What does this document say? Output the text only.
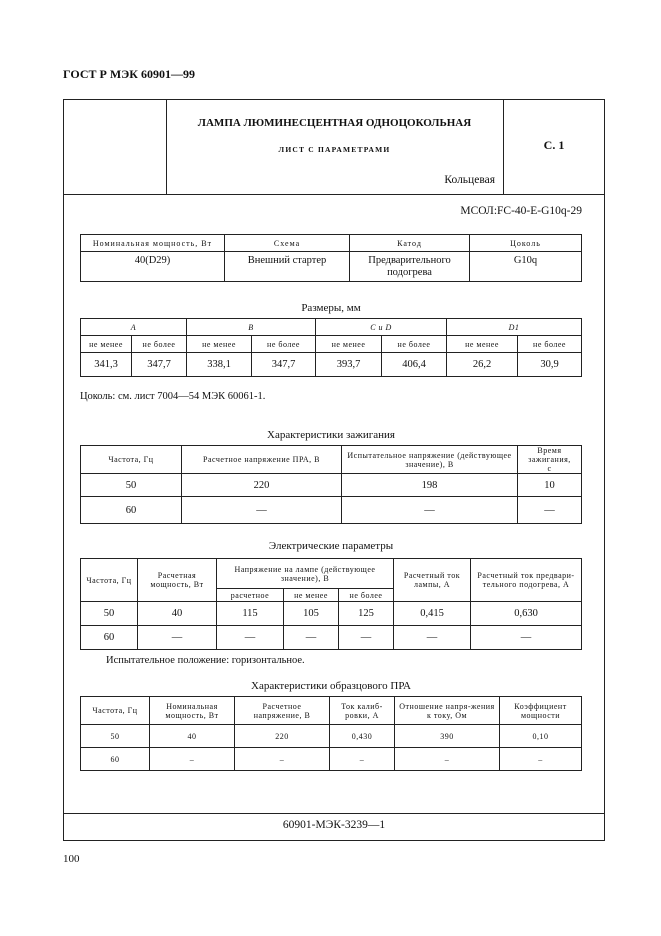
ГОСТ Р МЭК 60901—99
ЛАМПА ЛЮМИНЕСЦЕНТНАЯ ОДНОЦОКОЛЬНАЯ
ЛИСТ С ПАРАМЕТРАМИ
Кольцевая
С. 1
МСОЛ:FC-40-E-G10q-29
Номинальная мощность, Вт	Схема	Катод	Цоколь
40(D29)	Внешний стартер	Предварительного подогрева	G10q
Размеры, мм
A		B		C и D		D1	
не менее	не более	не менее	не более	не менее	не более	не менее	не более
341,3	347,7	338,1	347,7	393,7	406,4	26,2	30,9
Цоколь: см. лист 7004—54 МЭК 60061-1.
Характеристики зажигания
Частота, Гц	Расчетное напряжение ПРА, В	Испытательное напряжение (действующее значение), В	Время зажигания, с
50	220	198	10
60	—	—	—
Электрические параметры
Частота, Гц	Расчетная мощность, Вт	Напряжение на лампе (действующее значение), В			Расчетный ток лампы, А	Расчетный ток предвари-тельного подогрева, А
		расчетное	не менее	не более		
50	40	115	105	125	0,415	0,630
60	—	—	—	—	—	—
Испытательное положение: горизонтальное.
Характеристики образцового ПРА
Частота, Гц	Номинальная мощность, Вт	Расчетное напряжение, В	Ток калиб-ровки, А	Отношение напря-жения к току, Ом	Коэффициент мощности
50	40	220	0,430	390	0,10
60	–	–	–	–	–
60901-МЭК-3239—1
100
